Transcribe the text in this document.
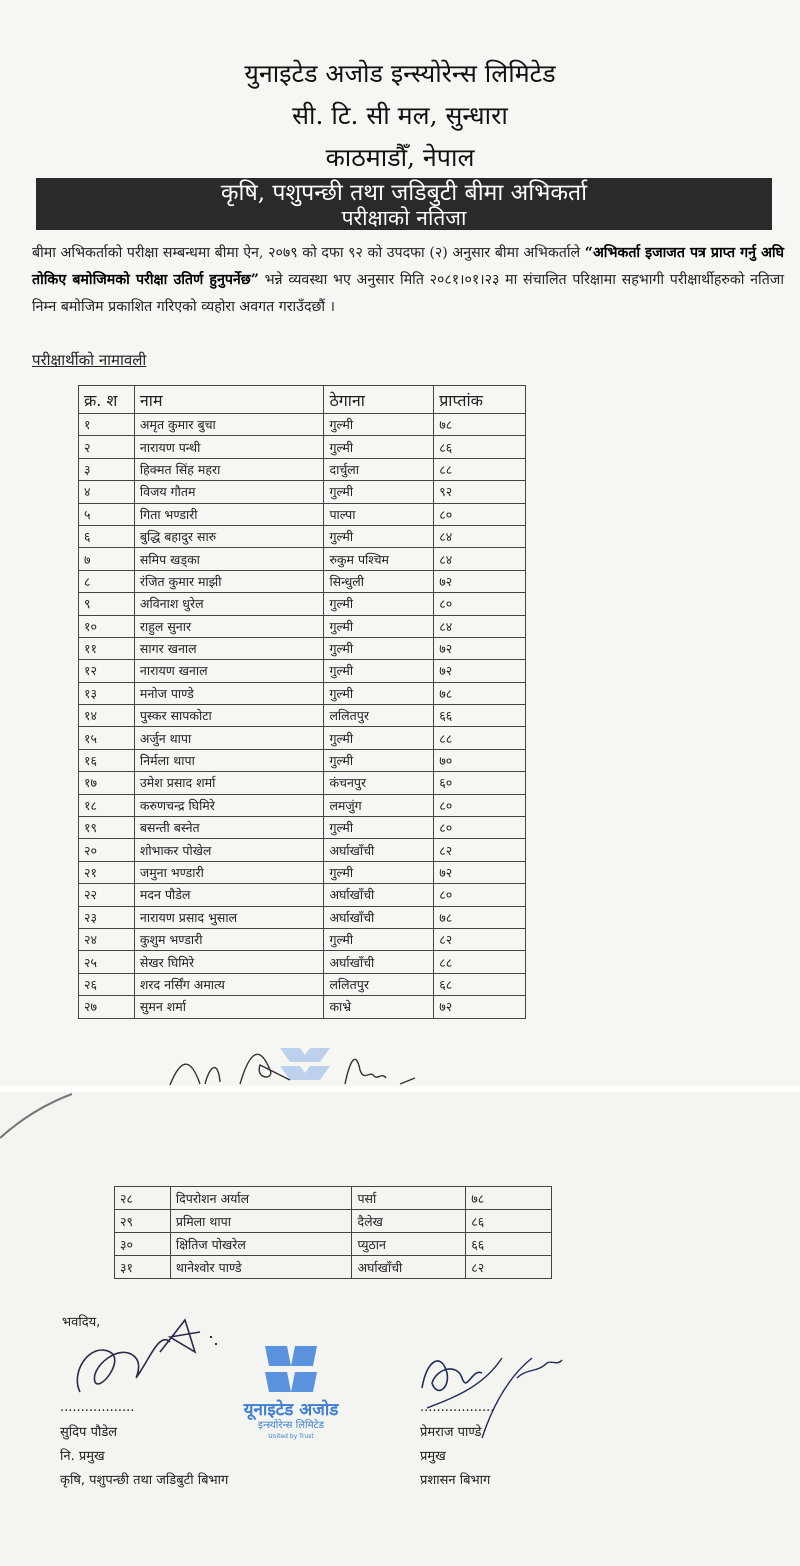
युनाइटेड अजोड इन्स्योरेन्स लिमिटेड
सी. टि. सी मल, सुन्धारा
काठमाडौँ, नेपाल
कृषि, पशुपन्छी तथा जडिबुटी बीमा अभिकर्ता
परीक्षाको नतिजा
बीमा अभिकर्ताको परीक्षा सम्बन्धमा बीमा ऐन, २०७९ को दफा ९२ को उपदफा (२) अनुसार बीमा अभिकर्ताले “अभिकर्ता इजाजत पत्र प्राप्त गर्नु अघि तोकिए बमोजिमको परीक्षा उतिर्ण हुनुपर्नेछ” भन्ने व्यवस्था भए अनुसार मिति २०८१।०१।२३ मा संचालित परिक्षामा सहभागी परीक्षार्थीहरुको नतिजा निम्न बमोजिम प्रकाशित गरिएको व्यहोरा अवगत गराउँदछौं ।
परीक्षार्थीको नामावली
क्र. श	नाम	ठेगाना	प्राप्तांक
१	अमृत कुमार बुचा	गुल्मी	७८
२	नारायण पन्थी	गुल्मी	८६
३	हिक्मत सिंह महरा	दार्चुला	८८
४	विजय गौतम	गुल्मी	९२
५	गिता भण्डारी	पाल्पा	८०
६	बुद्धि बहादुर सारु	गुल्मी	८४
७	समिप खड्का	रुकुम पश्चिम	८४
८	रंजित कुमार माझी	सिन्धुली	७२
९	अविनाश धुरेल	गुल्मी	८०
१०	राहुल सुनार	गुल्मी	८४
११	सागर खनाल	गुल्मी	७२
१२	नारायण खनाल	गुल्मी	७२
१३	मनोज पाण्डे	गुल्मी	७८
१४	पुस्कर सापकोटा	ललितपुर	६६
१५	अर्जुन थापा	गुल्मी	८८
१६	निर्मला थापा	गुल्मी	७०
१७	उमेश प्रसाद शर्मा	कंचनपुर	६०
१८	करुणचन्द्र घिमिरे	लमजुंग	८०
१९	बसन्ती बस्नेत	गुल्मी	८०
२०	शोभाकर पोखेल	अर्घाखाँची	८२
२१	जमुना भण्डारी	गुल्मी	७२
२२	मदन पौडेल	अर्घाखाँची	८०
२३	नारायण प्रसाद भुसाल	अर्घाखाँची	७८
२४	कुशुम भण्डारी	गुल्मी	८२
२५	सेखर घिमिरे	अर्घाखाँची	८८
२६	शरद नर्सिंग अमात्य	ललितपुर	६८
२७	सुमन शर्मा	काभ्रे	७२
२८	दिपरोशन अर्याल	पर्सा	७८
२९	प्रमिला थापा	दैलेख	८६
३०	क्षितिज पोखरेल	प्युठान	६६
३१	थानेश्वोर पाण्डे	अर्घाखाँची	८२
भवदिय,
..................
सुदिप पौडेल
नि. प्रमुख
कृषि, पशुपन्छी तथा जडिबुटी बिभाग
यूनाइटेड अजोड
इन्स्योरेन्स लिमिटेड
United by Trust
..................
प्रेमराज पाण्डे
प्रमुख
प्रशासन बिभाग
